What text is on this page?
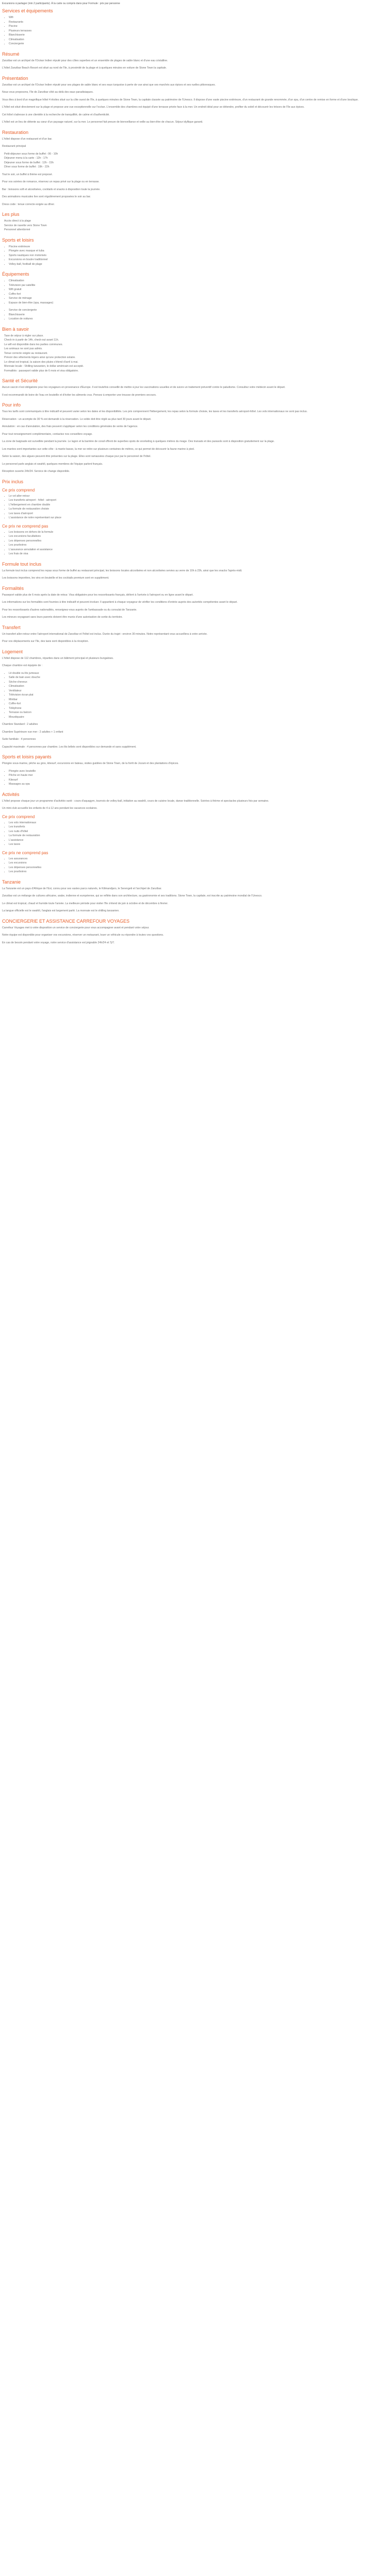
Excursions à partager (min 2 participants). À la carte ou compris dans pour Formule : prix par personne

Services et équipements
• Wifi
• Restaurants
• Piscine
• Plusieurs terrasses
• Blanchisserie
• Climatisation
• Conciergerie
Résumé

Zanzibar est un archipel de l'Océan Indien réputé pour des côtes superbes et un ensemble de plages de sable blanc et d'une eau cristalline.

L'hôtel Zanzibar Beach Resort est situé au nord de l'île, à proximité de la plage et à quelques minutes en voiture de Stone Town la capitale.

Présentation

Zanzibar est un archipel de l'Océan Indien réputé pour ses plages de sable blanc et ses eaux turquoise à perte de vue ainsi que ses marchés aux épices et ses ruelles pittoresques.

Nous vous proposons, l'île de Zanzibar côté au-delà des eaux paradisiaques.

Vous êtes à bord d'un magnifique hôtel 4 étoiles situé sur la côte ouest de l'île, à quelques minutes de Stone Town, la capitale classée au patrimoine de l'Unesco. Il dispose d'une vaste piscine extérieure, d'un restaurant de grande renommée, d'un spa, d'un centre de remise en forme et d'une boutique.

L'hôtel est situé directement sur la plage et propose une vue exceptionnelle sur l'océan. L'ensemble des chambres est équipé d'une terrasse privée face à la mer. Un endroit idéal pour se détendre, profiter du soleil et découvrir les trésors de l'île aux épices.

Cet hôtel s'adresse à une clientèle à la recherche de tranquillité, de calme et d'authenticité.

L'hôtel est un lieu de détente au cœur d'un paysage naturel, sur la mer. Le personnel fait preuve de bienveillance et veille au bien-être de chacun. Séjour idyllique garanti.

Restauration

L'hôtel dispose d'un restaurant et d'un bar.

Restaurant principal

Petit-déjeuner sous forme de buffet : 06 - 10h
Déjeuner menu à la carte : 12h - 17h
Déjeuner sous forme de buffet : 12h - 15h
Dîner sous forme de buffet : 19h - 22h

Tout le soir, un buffet à thème est proposé.

Pour vos soirées de romance, réservez un repas privé sur la plage ou en terrasse.

Bar : boissons soft et alcoolisées, cocktails et snacks à disposition toute la journée.

Des animations musicales live sont régulièrement proposées le soir au bar.

Dress code : tenue correcte exigée au dîner.

Les plus
Accès direct à la plage
Service de navette vers Stone Town
Personnel attentionné
Sports et loisirs
• Piscine extérieure
• Plongée avec masque et tuba
• Sports nautiques non motorisés
• Excursions en boutre traditionnel
• Volley-ball, football de plage
Équipements
• Climatisation
• Télévision par satellite
• Wifi gratuit
• Coffre-fort
• Service de ménage
• Espace de bien-être (spa, massages)
• Service de conciergerie
• Blanchisserie
• Location de voitures
Bien à savoir
Taxe de séjour à régler sur place.
Check-in à partir de 14h, check-out avant 11h.
Le wifi est disponible dans les parties communes.
Les animaux ne sont pas admis.
Tenue correcte exigée au restaurant.
Prévoir des vêtements légers ainsi qu'une protection solaire.
Le climat est tropical, la saison des pluies s'étend d'avril à mai.
Monnaie locale : Shilling tanzanien, le dollar américain est accepté.
Formalités : passeport valide plus de 6 mois et visa obligatoire.
Santé et Sécurité

Aucun vaccin n'est obligatoire pour les voyageurs en provenance d'Europe. Il est toutefois conseillé de mettre à jour les vaccinations usuelles et de suivre un traitement préventif contre le paludisme. Consultez votre médecin avant le départ.

Il est recommandé de boire de l'eau en bouteille et d'éviter les aliments crus. Pensez à emporter une trousse de premiers secours.

Pour info

Tous les tarifs sont communiqués à titre indicatif et peuvent varier selon les dates et les disponibilités. Les prix comprennent l'hébergement, les repas selon la formule choisie, les taxes et les transferts aéroport-hôtel. Les vols internationaux ne sont pas inclus.

Réservation : un acompte de 30 % est demandé à la réservation. Le solde doit être réglé au plus tard 30 jours avant le départ.

Annulation : en cas d'annulation, des frais peuvent s'appliquer selon les conditions générales de vente de l'agence.

Pour tout renseignement complémentaire, contactez nos conseillers voyage.

La zone de baignade est surveillée pendant la journée. Le lagon et la barrière de corail offrent de superbes spots de snorkeling à quelques mètres du rivage. Des transats et des parasols sont à disposition gratuitement sur la plage.

Les marées sont importantes sur cette côte : à marée basse, la mer se retire sur plusieurs centaines de mètres, ce qui permet de découvrir la faune marine à pied.

Selon la saison, des algues peuvent être présentes sur la plage. Elles sont ramassées chaque jour par le personnel de l'hôtel.

Le personnel parle anglais et swahili, quelques membres de l'équipe parlent français.

Réception ouverte 24h/24. Service de change disponible.

Prix inclus
Ce prix comprend
• Le vol aller-retour
• Les transferts aéroport - hôtel - aéroport
• L'hébergement en chambre double
• La formule de restauration choisie
• Les taxes d'aéroport
• L'assistance de notre représentant sur place
Ce prix ne comprend pas
• Les boissons en dehors de la formule
• Les excursions facultatives
• Les dépenses personnelles
• Les pourboires
• L'assurance annulation et assistance
• Les frais de visa
Formule tout inclus

La formule tout inclus comprend les repas sous forme de buffet au restaurant principal, les boissons locales alcoolisées et non alcoolisées servies au verre de 10h à 23h, ainsi que les snacks l'après-midi.

Les boissons importées, les vins en bouteille et les cocktails premium sont en supplément.

Formalités

Passeport valide plus de 6 mois après la date de retour. Visa obligatoire pour les ressortissants français, délivré à l'arrivée à l'aéroport ou en ligne avant le départ.

Les informations sur les formalités sont fournies à titre indicatif et peuvent évoluer. Il appartient à chaque voyageur de vérifier les conditions d'entrée auprès des autorités compétentes avant le départ.

Pour les ressortissants d'autres nationalités, renseignez-vous auprès de l'ambassade ou du consulat de Tanzanie.

Les mineurs voyageant sans leurs parents doivent être munis d'une autorisation de sortie du territoire.

Transfert

Un transfert aller-retour entre l'aéroport international de Zanzibar et l'hôtel est inclus. Durée du trajet : environ 30 minutes. Notre représentant vous accueillera à votre arrivée.

Pour vos déplacements sur l'île, des taxis sont disponibles à la réception.

Logement

L'hôtel dispose de 112 chambres, réparties dans un bâtiment principal et plusieurs bungalows.

Chaque chambre est équipée de :

• Lit double ou lits jumeaux
• Salle de bain avec douche
• Sèche-cheveux
• Climatisation
• Ventilateur
• Télévision écran plat
• Minibar
• Coffre-fort
• Téléphone
• Terrasse ou balcon
• Moustiquaire

Chambre Standard : 2 adultes

Chambre Supérieure vue mer : 2 adultes + 1 enfant

Suite familiale : 4 personnes

Capacité maximale : 4 personnes par chambre. Les lits bébés sont disponibles sur demande et sans supplément.

Sports et loisirs payants

Plongée sous-marine, pêche au gros, kitesurf, excursions en bateau, visites guidées de Stone Town, de la forêt de Jozani et des plantations d'épices.

• Plongée avec bouteille
• Pêche en haute mer
• Kitesurf
• Massages au spa
Activités

L'hôtel propose chaque jour un programme d'activités varié : cours d'aquagym, tournois de volley-ball, initiation au swahili, cours de cuisine locale, danse traditionnelle. Soirées à thème et spectacles plusieurs fois par semaine.

Un mini-club accueille les enfants de 4 à 12 ans pendant les vacances scolaires.

Ce prix comprend
• Les vols internationaux
• Les transferts
• Les nuits d'hôtel
• La formule de restauration
• L'assistance
• Les taxes
Ce prix ne comprend pas
• Les assurances
• Les excursions
• Les dépenses personnelles
• Les pourboires
Tanzanie

La Tanzanie est un pays d'Afrique de l'Est, connu pour ses vastes parcs naturels, le Kilimandjaro, le Serengeti et l'archipel de Zanzibar.

Zanzibar est un mélange de cultures africaine, arabe, indienne et européenne, qui se reflète dans son architecture, sa gastronomie et ses traditions. Stone Town, la capitale, est inscrite au patrimoine mondial de l'Unesco.

Le climat est tropical, chaud et humide toute l'année. La meilleure période pour visiter l'île s'étend de juin à octobre et de décembre à février.

La langue officielle est le swahili, l'anglais est largement parlé. La monnaie est le shilling tanzanien.

CONCIERGERIE ET ASSISTANCE CARREFOUR VOYAGES

Carrefour Voyages met à votre disposition un service de conciergerie pour vous accompagner avant et pendant votre séjour.

Notre équipe est disponible pour organiser vos excursions, réserver un restaurant, louer un véhicule ou répondre à toutes vos questions.

En cas de besoin pendant votre voyage, notre service d'assistance est joignable 24h/24 et 7j/7.
